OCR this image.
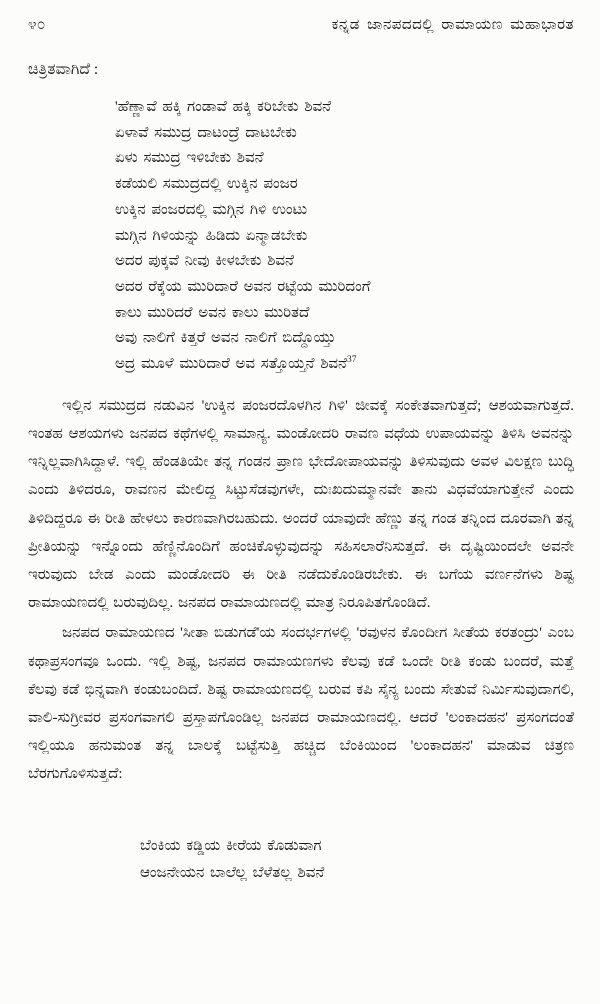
೪೦	ಕನ್ನಡ ಜಾನಪದದಲ್ಲಿ ರಾಮಾಯಣ ಮಹಾಭಾರತ
ಚಿತ್ರಿತವಾಗಿದೆ :
'ಹೆಣ್ಣಾವೆ ಹಕ್ಕಿ ಗಂಡಾವೆ ಹಕ್ಕಿ ಕರಿಬೇಕು ಶಿವನೆ
ಏಳಾವೆ ಸಮುದ್ರ ದಾಟಂದ್ರೆ ದಾಟಬೇಕು
ಏಳು ಸಮುದ್ರ ಇಳಿಬೇಕು ಶಿವನೆ
ಕಡೆಯಲಿ ಸಮುದ್ರದಲ್ಲಿ ಉಕ್ಕಿನ ಪಂಜರ
ಉಕ್ಕಿನ ಪಂಜರದಲ್ಲಿ ಮಗ್ಗಿನ ಗಿಳಿ ಉಂಟು
ಮಗ್ಗಿನ ಗಿಳಿಯನ್ನು ಹಿಡಿದು ಏನ್ಮಾಡಬೇಕು
ಅದರ ಪುಕ್ಕವೆ ನೀವು ಕೀಳಬೇಕು ಶಿವನೆ
ಅದರ ರೆಕ್ಕೆಯ ಮುರಿದಾರೆ ಅವನ ರಟ್ಟೆಯ ಮುರಿದಂಗೆ
ಕಾಲು ಮುರಿದರೆ ಅವನ ಕಾಲು ಮುರಿತದೆ
ಅವು ನಾಲಿಗೆ ಕಿತ್ತರೆ ಅವನ ನಾಲಿಗೆ ಬಿದ್ದೊಯ್ತು
ಅದ್ರ ಮೂಳೆ ಮುರಿದಾರೆ ಅವ ಸತ್ತೊಯ್ತನೆ ಶಿವನೆ$^{37}$

ಇಲ್ಲಿನ ಸಮುದ್ರದ ನಡುವಿನ 'ಉಕ್ಕಿನ ಪಂಜರದೊಳಗಿನ ಗಿಳಿ' ಜೀವಕ್ಕೆ ಸಂಕೇತವಾಗುತ್ತದೆ; ಆಶಯವಾಗುತ್ತದೆ. ಇಂತಹ ಆಶಯಗಳು ಜನಪದ ಕಥೆಗಳಲ್ಲಿ ಸಾಮಾನ್ಯ. ಮಂಡೋದರಿ ರಾವಣ ವಧೆಯ ಉಪಾಯವನ್ನು ತಿಳಿಸಿ ಅವನನ್ನು ಇನ್ನಿಲ್ಲವಾಗಿಸಿದ್ದಾಳೆ. ಇಲ್ಲಿ ಹೆಂಡತಿಯೇ ತನ್ನ ಗಂಡನ ಪ್ರಾಣ ಭೇದೋಪಾಯವನ್ನು ತಿಳಿಸುವುದು ಅವಳ ವಿಲಕ್ಷಣ ಬುದ್ಧಿ ಎಂದು ತಿಳಿದರೂ, ರಾವಣನ ಮೇಲಿದ್ದ ಸಿಟ್ಟುಸೆಡವುಗಳೇ, ದುಃಖದುಮ್ಮಾನವೇ ತಾನು ವಿಧವೆಯಾಗುತ್ತೇನೆ ಎಂದು ತಿಳಿದಿದ್ದರೂ ಈ ರೀತಿ ಹೇಳಲು ಕಾರಣವಾಗಿರಬಹುದು. ಅಂದರೆ ಯಾವುದೇ ಹೆಣ್ಣು ತನ್ನ ಗಂಡ ತನ್ನಿಂದ ದೂರವಾಗಿ ತನ್ನ ಪ್ರೀತಿಯನ್ನು ಇನ್ನೊಂದು ಹೆಣ್ಣಿನೊಂದಿಗೆ ಹಂಚಿಕೊಳ್ಳುವುದನ್ನು ಸಹಿಸಲಾರೆನಿಸುತ್ತದೆ. ಈ ದೃಷ್ಟಿಯಿಂದಲೇ ಅವನೇ ಇರುವುದು ಬೇಡ ಎಂದು ಮಂಡೋದರಿ ಈ ರೀತಿ ನಡೆದುಕೊಂಡಿರಬೇಕು. ಈ ಬಗೆಯ ವರ್ಣನೆಗಳು ಶಿಷ್ಟ ರಾಮಾಯಣದಲ್ಲಿ ಬರುವುದಿಲ್ಲ. ಜನಪದ ರಾಮಾಯಣದಲ್ಲಿ ಮಾತ್ರ ನಿರೂಪಿತಗೊಂಡಿದೆ.

ಜನಪದ ರಾಮಾಯಣದ 'ಸೀತಾ ಬಿಡುಗಡೆ'ಯ ಸಂದರ್ಭಗಳಲ್ಲಿ 'ರವುಳನ ಕೊಂದೀಗ ಸೀತೆಯ ಕರತಂದ್ರು' ಎಂಬ ಕಥಾಪ್ರಸಂಗವೂ ಒಂದು. ಇಲ್ಲಿ ಶಿಷ್ಟ, ಜನಪದ ರಾಮಾಯಣಗಳು ಕೆಲವು ಕಡೆ ಒಂದೇ ರೀತಿ ಕಂಡು ಬಂದರೆ, ಮತ್ತೆ ಕೆಲವು ಕಡೆ ಭಿನ್ನವಾಗಿ ಕಂಡುಬಂದಿದೆ. ಶಿಷ್ಟ ರಾಮಾಯಣದಲ್ಲಿ ಬರುವ ಕಪಿ ಸೈನ್ಯ ಬಂದು ಸೇತುವೆ ನಿರ್ಮಿಸುವುದಾಗಲಿ, ವಾಲಿ-ಸುಗ್ರೀವರ ಪ್ರಸಂಗವಾಗಲಿ ಪ್ರಸ್ತಾಪಗೊಂಡಿಲ್ಲ ಜನಪದ ರಾಮಾಯಣದಲ್ಲಿ. ಆದರೆ 'ಲಂಕಾದಹನ' ಪ್ರಸಂಗದಂತೆ ಇಲ್ಲಿಯೂ ಹನುಮಂತ ತನ್ನ ಬಾಲಕ್ಕೆ ಬಟ್ಟೆಸುತ್ತಿ ಹಚ್ಚಿದ ಬೆಂಕಿಯಿಂದ 'ಲಂಕಾದಹನ' ಮಾಡುವ ಚಿತ್ರಣ ಬೆರಗುಗೊಳಿಸುತ್ತದೆ:

ಬೆಂಕಿಯ ಕಡ್ಡಿಯ ಕೀರೆಯ ಕೊಡುವಾಗ
ಆಂಜನೇಯನ ಬಾಲೆಲ್ಲ ಬೆಳೆತಲ್ಲ ಶಿವನೆ
